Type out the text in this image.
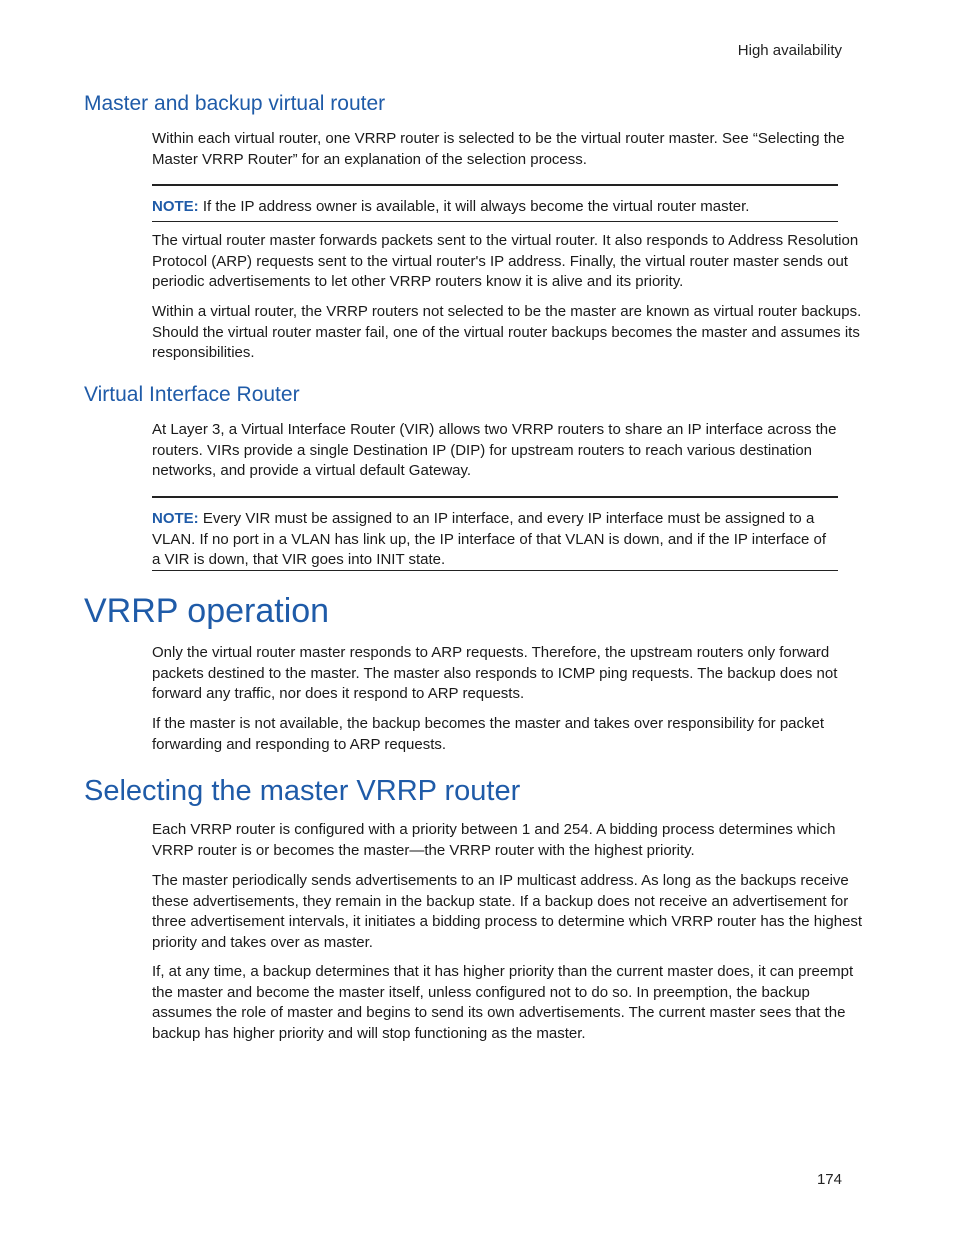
High availability
Master and backup virtual router

Within each virtual router, one VRRP router is selected to be the virtual router master. See “Selecting the Master VRRP Router” for an explanation of the selection process.

NOTE: If the IP address owner is available, it will always become the virtual router master.

The virtual router master forwards packets sent to the virtual router. It also responds to Address Resolution Protocol (ARP) requests sent to the virtual router's IP address. Finally, the virtual router master sends out periodic advertisements to let other VRRP routers know it is alive and its priority.

Within a virtual router, the VRRP routers not selected to be the master are known as virtual router backups. Should the virtual router master fail, one of the virtual router backups becomes the master and assumes its responsibilities.

Virtual Interface Router

At Layer 3, a Virtual Interface Router (VIR) allows two VRRP routers to share an IP interface across the routers. VIRs provide a single Destination IP (DIP) for upstream routers to reach various destination networks, and provide a virtual default Gateway.

NOTE: Every VIR must be assigned to an IP interface, and every IP interface must be assigned to a VLAN. If no port in a VLAN has link up, the IP interface of that VLAN is down, and if the IP interface of a VIR is down, that VIR goes into INIT state.

VRRP operation

Only the virtual router master responds to ARP requests. Therefore, the upstream routers only forward packets destined to the master. The master also responds to ICMP ping requests. The backup does not forward any traffic, nor does it respond to ARP requests.

If the master is not available, the backup becomes the master and takes over responsibility for packet forwarding and responding to ARP requests.

Selecting the master VRRP router

Each VRRP router is configured with a priority between 1 and 254. A bidding process determines which VRRP router is or becomes the master—the VRRP router with the highest priority.

The master periodically sends advertisements to an IP multicast address. As long as the backups receive these advertisements, they remain in the backup state. If a backup does not receive an advertisement for three advertisement intervals, it initiates a bidding process to determine which VRRP router has the highest priority and takes over as master.

If, at any time, a backup determines that it has higher priority than the current master does, it can preempt the master and become the master itself, unless configured not to do so. In preemption, the backup assumes the role of master and begins to send its own advertisements. The current master sees that the backup has higher priority and will stop functioning as the master.

174
